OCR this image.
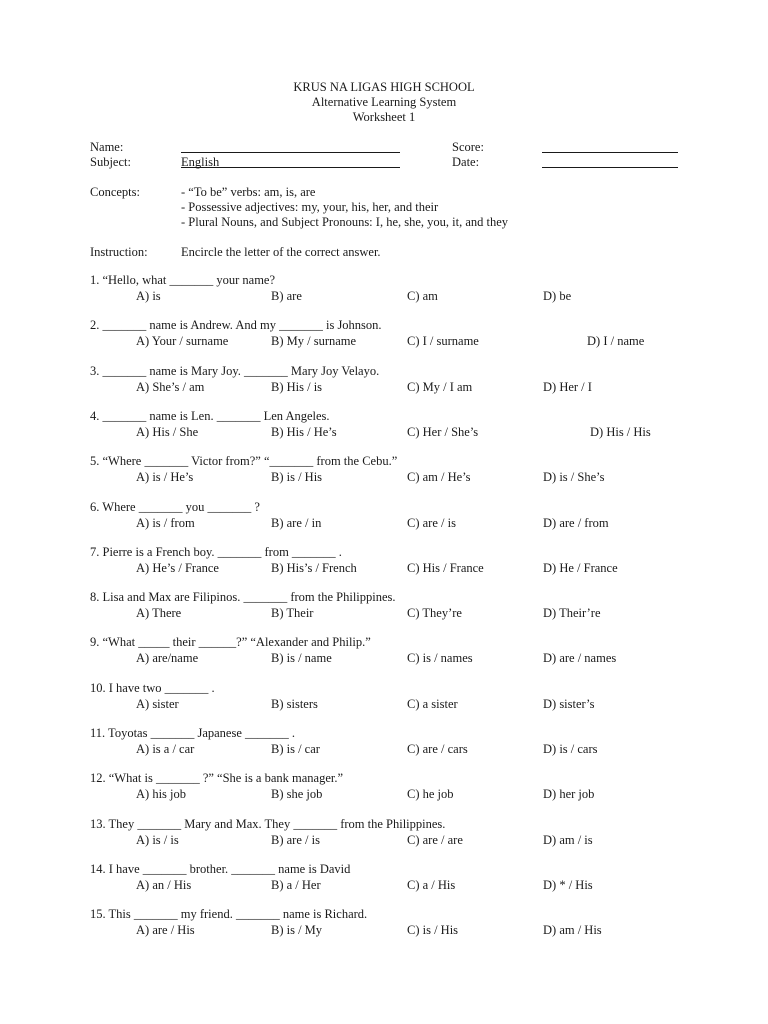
KRUS NA LIGAS HIGH SCHOOL
Alternative Learning System
Worksheet 1
Name:	Score:
Subject:	English	Date:
Concepts:	- “To be” verbs: am, is, are
- Possessive adjectives: my, your, his, her, and their
- Plural Nouns, and Subject Pronouns: I, he, she, you, it, and they
Instruction:	Encircle the letter of the correct answer.
1. “Hello, what _______ your name?
A) is	B) are	C) am	D) be
2. _______ name is Andrew. And my _______ is Johnson.
A) Your / surname	B) My / surname	C) I / surname	D) I / name
3. _______ name is Mary Joy. _______ Mary Joy Velayo.
A) She’s / am	B) His / is	C) My / I am	D) Her / I
4. _______ name is Len. _______ Len Angeles.
A) His / She	B) His / He’s	C) Her / She’s	D) His / His
5. “Where _______ Victor from?” “_______ from the Cebu.”
A) is / He’s	B) is / His	C) am / He’s	D) is / She’s
6. Where _______ you _______ ?
A) is / from	B) are / in	C) are / is	D) are / from
7. Pierre is a French boy. _______ from _______ .
A) He’s / France	B) His’s / French	C) His / France	D) He / France
8. Lisa and Max are Filipinos. _______ from the Philippines.
A) There	B) Their	C) They’re	D) Their’re
9. “What _____ their ______?” “Alexander and Philip.”
A) are/name	B) is / name	C) is / names	D) are / names
10. I have two _______ .
A) sister	B) sisters	C) a sister	D) sister’s
11. Toyotas _______ Japanese _______ .
A) is a / car	B) is / car	C) are / cars	D) is / cars
12. “What is _______ ?” “She is a bank manager.”
A) his job	B) she job	C) he job	D) her job
13. They _______ Mary and Max. They _______ from the Philippines.
A) is / is	B) are / is	C) are / are	D) am / is
14. I have _______ brother. _______ name is David
A) an / His	B) a / Her	C) a / His	D) * / His
15. This _______ my friend. _______ name is Richard.
A) are / His	B) is / My	C) is / His	D) am / His
